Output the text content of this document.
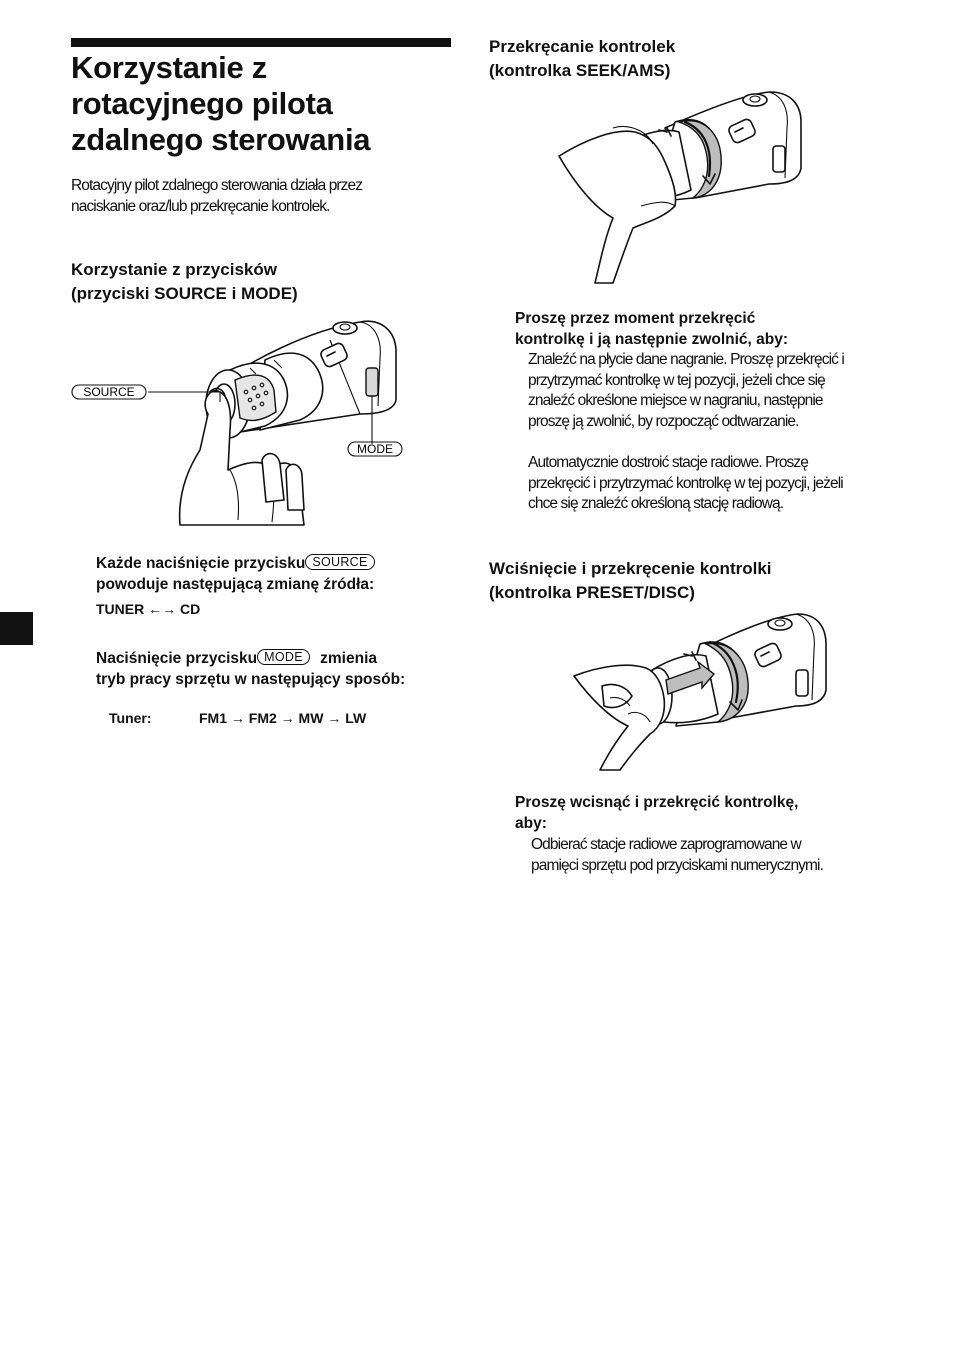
Korzystanie z
rotacyjnego pilota
zdalnego sterowania

Rotacyjny pilot zdalnego sterowania działa przez naciskanie oraz/lub przekręcanie kontrolek.

Korzystanie z przycisków

(przyciski SOURCE i MODE)

SOURCE
MODE

Każde naciśnięcie przycisku SOURCE

powoduje następującą zmianę źródła:

TUNER ←→ CD

Naciśnięcie przycisku MODE zmienia

tryb pracy sprzętu w następujący sposób:

Tuner:	FM1 → FM2 → MW → LW

Przekręcanie kontrolek

(kontrolka SEEK/AMS)

Proszę przez moment przekręcić

kontrolkę i ją następnie zwolnić, aby:

Znaleźć na płycie dane nagranie. Proszę przekręcić i przytrzymać kontrolkę w tej pozycji, jeżeli chce się znaleźć określone miejsce w nagraniu, następnie proszę ją zwolnić, by rozpocząć odtwarzanie.

Automatycznie dostroić stacje radiowe. Proszę przekręcić i przytrzymać kontrolkę w tej pozycji, jeżeli chce się znaleźć określoną stację radiową.

Wciśnięcie i przekręcenie kontrolki

(kontrolka PRESET/DISC)

Proszę wcisnąć i przekręcić kontrolkę,

aby:

Odbierać stacje radiowe zaprogramowane w pamięci sprzętu pod przyciskami numerycznymi.
